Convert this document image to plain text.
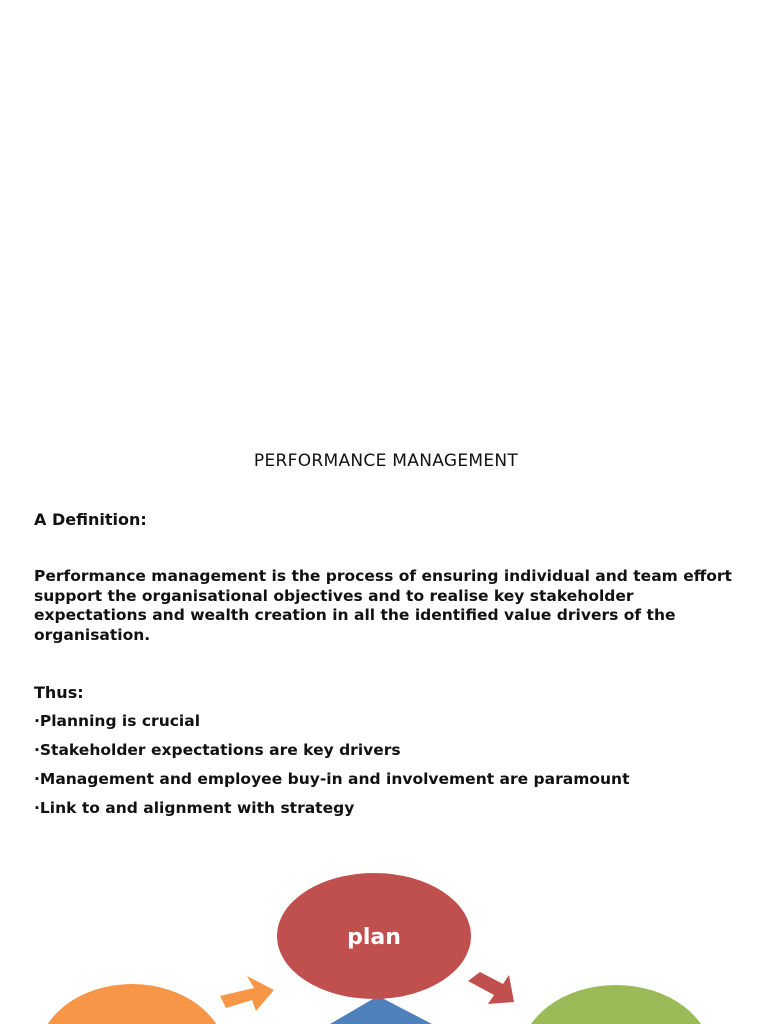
PERFORMANCE MANAGEMENT
A Definition:

Performance management is the process of ensuring individual and team effort support the organisational objectives and to realise key stakeholder expectations and wealth creation in all the identified value drivers of the organisation.

Thus:
·Planning is crucial
·Stakeholder expectations are key drivers
·Management and employee buy-in and involvement are paramount
·Link to and alignment with strategy
plan
